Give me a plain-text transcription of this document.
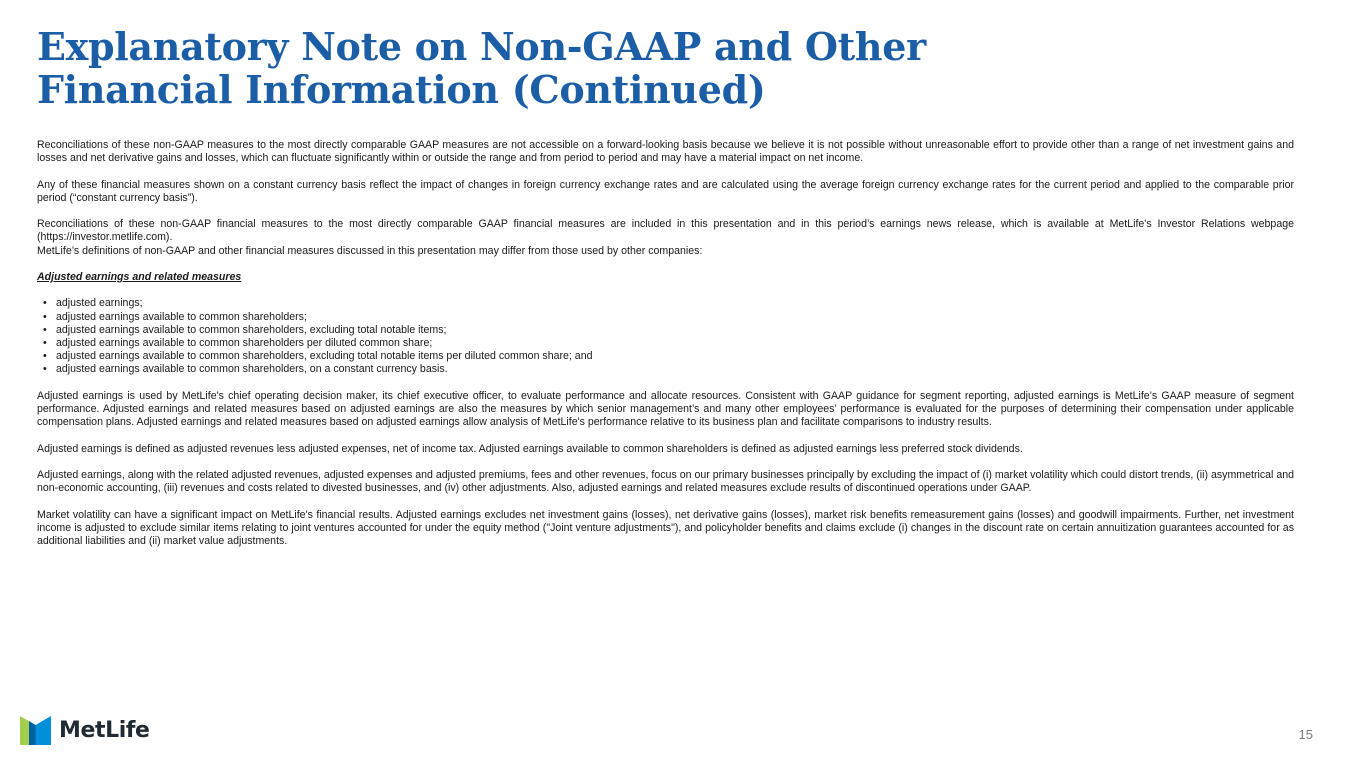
Explanatory Note on Non-GAAP and Other
Financial Information (Continued)

Reconciliations of these non-GAAP measures to the most directly comparable GAAP measures are not accessible on a forward-looking basis because we believe it is not possible without unreasonable effort to provide other than a range of net investment gains and losses and net derivative gains and losses, which can fluctuate significantly within or outside the range and from period to period and may have a material impact on net income.

Any of these financial measures shown on a constant currency basis reflect the impact of changes in foreign currency exchange rates and are calculated using the average foreign currency exchange rates for the current period and applied to the comparable prior period (“constant currency basis”).

Reconciliations of these non-GAAP financial measures to the most directly comparable GAAP financial measures are included in this presentation and in this period’s earnings news release, which is available at MetLife's Investor Relations webpage (https://investor.metlife.com).

MetLife’s definitions of non-GAAP and other financial measures discussed in this presentation may differ from those used by other companies:

Adjusted earnings and related measures

• adjusted earnings;
• adjusted earnings available to common shareholders;
• adjusted earnings available to common shareholders, excluding total notable items;
• adjusted earnings available to common shareholders per diluted common share;
• adjusted earnings available to common shareholders, excluding total notable items per diluted common share; and
• adjusted earnings available to common shareholders, on a constant currency basis.

Adjusted earnings is used by MetLife's chief operating decision maker, its chief executive officer, to evaluate performance and allocate resources. Consistent with GAAP guidance for segment reporting, adjusted earnings is MetLife’s GAAP measure of segment performance. Adjusted earnings and related measures based on adjusted earnings are also the measures by which senior management’s and many other employees’ performance is evaluated for the purposes of determining their compensation under applicable compensation plans. Adjusted earnings and related measures based on adjusted earnings allow analysis of MetLife's performance relative to its business plan and facilitate comparisons to industry results.

Adjusted earnings is defined as adjusted revenues less adjusted expenses, net of income tax. Adjusted earnings available to common shareholders is defined as adjusted earnings less preferred stock dividends.

Adjusted earnings, along with the related adjusted revenues, adjusted expenses and adjusted premiums, fees and other revenues, focus on our primary businesses principally by excluding the impact of (i) market volatility which could distort trends, (ii) asymmetrical and non-economic accounting, (iii) revenues and costs related to divested businesses, and (iv) other adjustments. Also, adjusted earnings and related measures exclude results of discontinued operations under GAAP.

Market volatility can have a significant impact on MetLife's financial results. Adjusted earnings excludes net investment gains (losses), net derivative gains (losses), market risk benefits remeasurement gains (losses) and goodwill impairments. Further, net investment income is adjusted to exclude similar items relating to joint ventures accounted for under the equity method ("Joint venture adjustments"), and policyholder benefits and claims exclude (i) changes in the discount rate on certain annuitization guarantees accounted for as additional liabilities and (ii) market value adjustments.

MetLife	15
